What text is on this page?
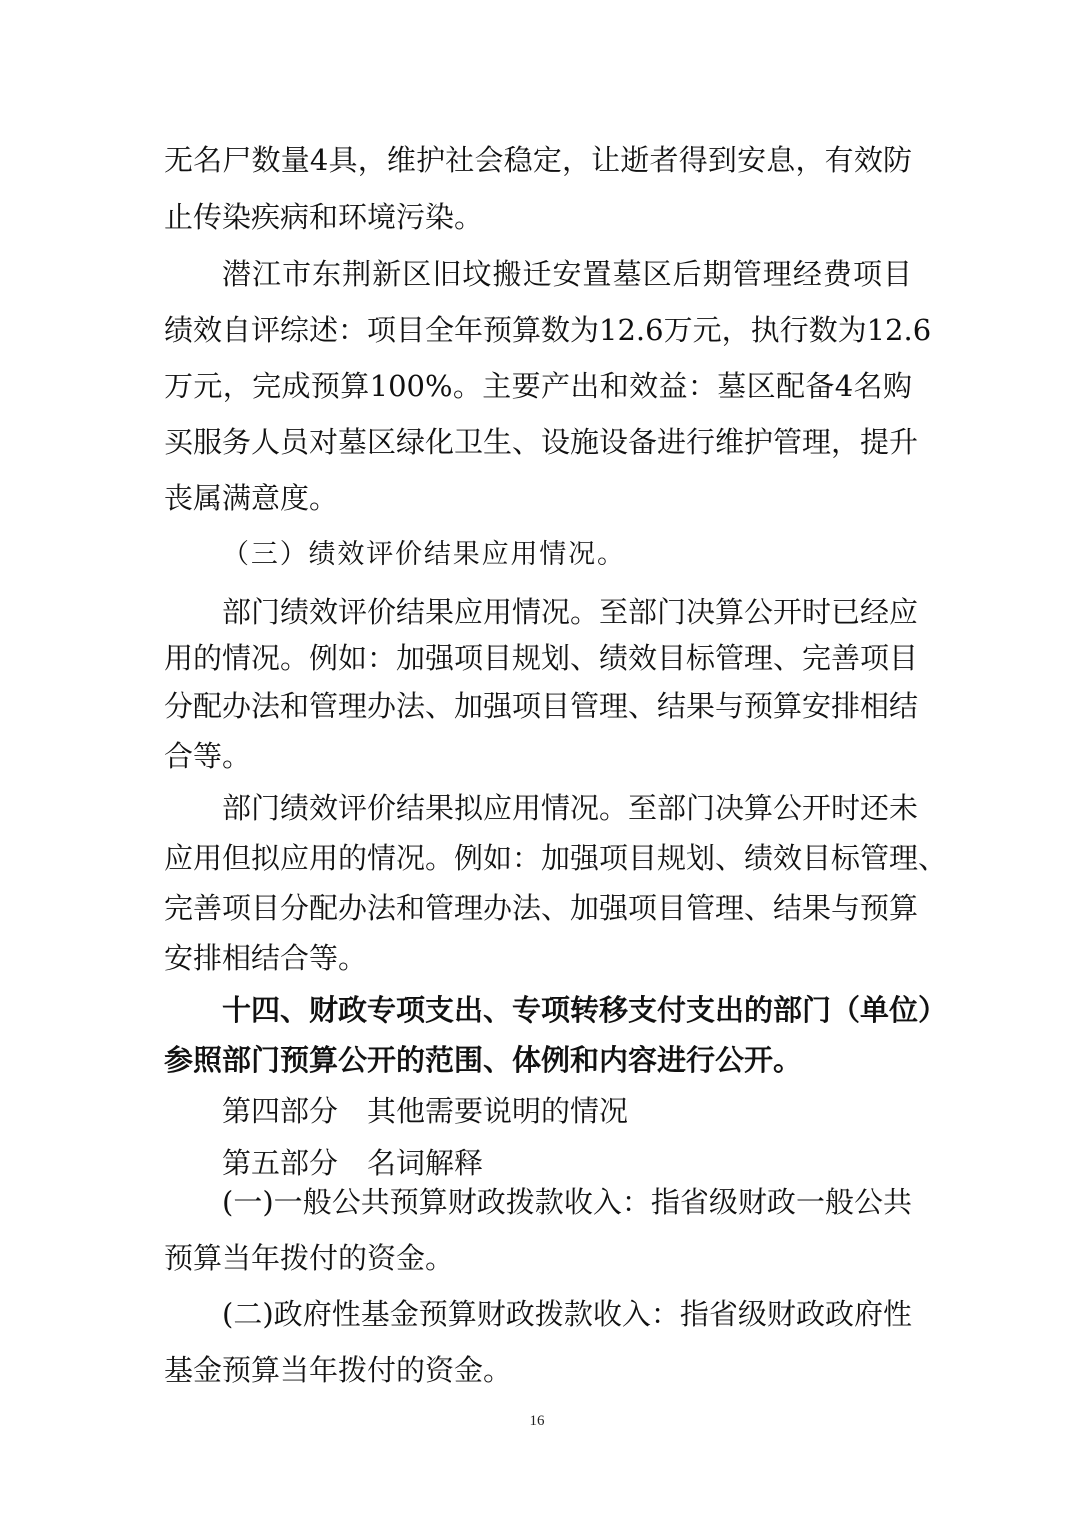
无名尸数量4具，维护社会稳定，让逝者得到安息，有效防
止传染疾病和环境污染。
潜江市东荆新区旧坟搬迁安置墓区后期管理经费项目
绩效自评综述：项目全年预算数为12.6万元，执行数为12.6
万元，完成预算100%。主要产出和效益：墓区配备4名购
买服务人员对墓区绿化卫生、设施设备进行维护管理，提升
丧属满意度。
（三）绩效评价结果应用情况。
部门绩效评价结果应用情况。至部门决算公开时已经应
用的情况。例如：加强项目规划、绩效目标管理、完善项目
分配办法和管理办法、加强项目管理、结果与预算安排相结
合等。
部门绩效评价结果拟应用情况。至部门决算公开时还未
应用但拟应用的情况。例如：加强项目规划、绩效目标管理、
完善项目分配办法和管理办法、加强项目管理、结果与预算
安排相结合等。
十四、财政专项支出、专项转移支付支出的部门（单位）
参照部门预算公开的范围、体例和内容进行公开。
第四部分　其他需要说明的情况
第五部分　名词解释
(一)一般公共预算财政拨款收入：指省级财政一般公共
预算当年拨付的资金。
(二)政府性基金预算财政拨款收入：指省级财政政府性
基金预算当年拨付的资金。
16
